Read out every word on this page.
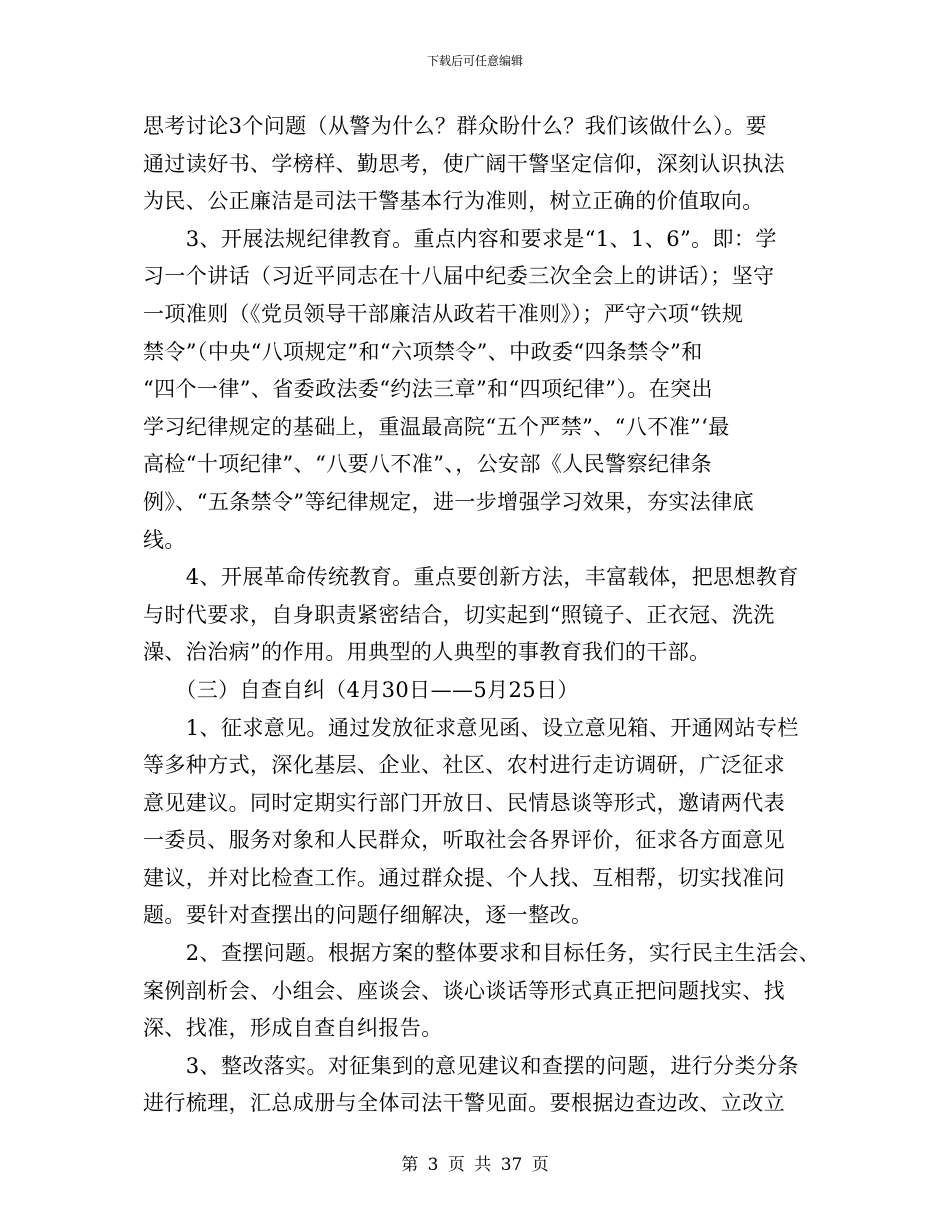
下载后可任意编辑
思考讨论3个问题（从警为什么？群众盼什么？我们该做什么）。要
通过读好书、学榜样、勤思考，使广阔干警坚定信仰，深刻认识执法
为民、公正廉洁是司法干警基本行为准则，树立正确的价值取向。
　　3、开展法规纪律教育。重点内容和要求是“1、1、6”。即：学
习一个讲话（习近平同志在十八届中纪委三次全会上的讲话）；坚守
一项准则（《党员领导干部廉洁从政若干准则》）；严守六项“铁规
禁令”（中央“八项规定”和“六项禁令”、中政委“四条禁令”和
“四个一律”、省委政法委“约法三章”和“四项纪律”）。在突出
学习纪律规定的基础上，重温最高院“五个严禁”、“八不准”‘最
高检“十项纪律”、“八要八不准”、，公安部《人民警察纪律条
例》、“五条禁令”等纪律规定，进一步增强学习效果，夯实法律底
线。
　　4、开展革命传统教育。重点要创新方法，丰富载体，把思想教育
与时代要求，自身职责紧密结合，切实起到“照镜子、正衣冠、洗洗
澡、治治病”的作用。用典型的人典型的事教育我们的干部。
　　（三）自查自纠（4月30日——5月25日）
　　1、征求意见。通过发放征求意见函、设立意见箱、开通网站专栏
等多种方式，深化基层、企业、社区、农村进行走访调研，广泛征求
意见建议。同时定期实行部门开放日、民情恳谈等形式，邀请两代表
一委员、服务对象和人民群众，听取社会各界评价，征求各方面意见
建议，并对比检查工作。通过群众提、个人找、互相帮，切实找准问
题。要针对查摆出的问题仔细解决，逐一整改。
　　2、查摆问题。根据方案的整体要求和目标任务，实行民主生活会、
案例剖析会、小组会、座谈会、谈心谈话等形式真正把问题找实、找
深、找准，形成自查自纠报告。
　　3、整改落实。对征集到的意见建议和查摆的问题，进行分类分条
进行梳理，汇总成册与全体司法干警见面。要根据边查边改、立改立
第 3 页 共 37 页
